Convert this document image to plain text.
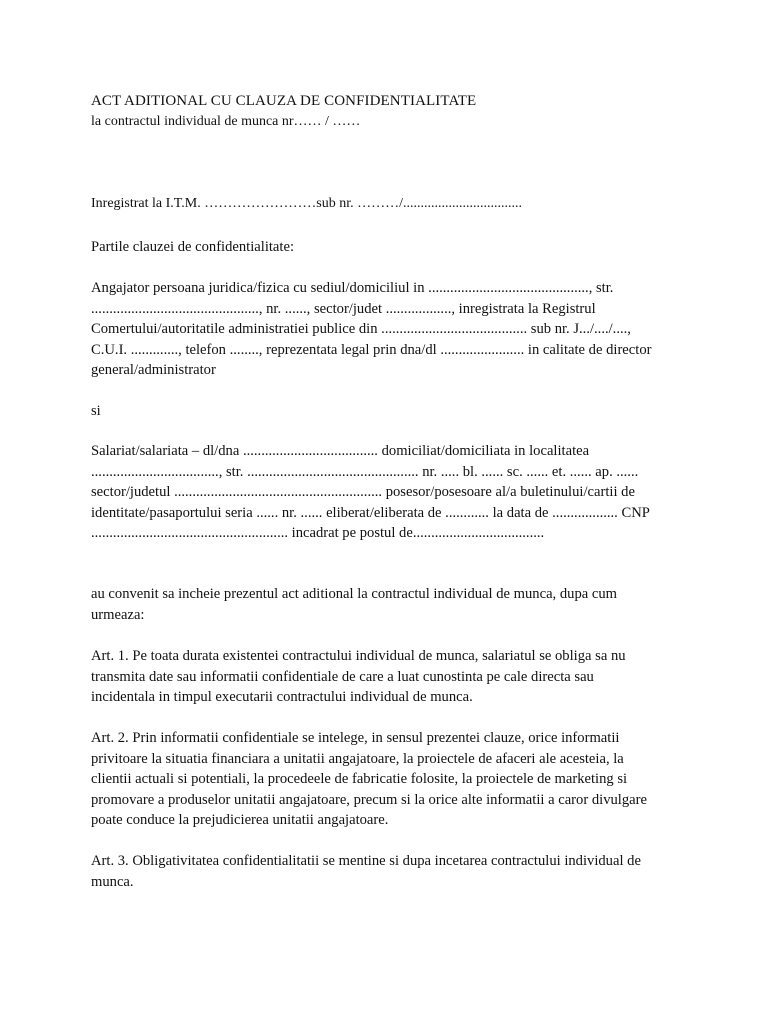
ACT ADITIONAL CU CLAUZA DE CONFIDENTIALITATE
la contractul individual de munca nr…… / ……
Inregistrat la I.T.M. ……………………sub nr. ………/..................................

Partile clauzei de confidentialitate:

Angajator persoana juridica/fizica cu sediul/domiciliul in ............................................, str.
.............................................., nr. ......, sector/judet .................., inregistrata la Registrul
Comertului/autoritatile administratiei publice din ........................................ sub nr. J.../..../....,
C.U.I. ............., telefon ........, reprezentata legal prin dna/dl ....................... in calitate de director
general/administrator

si

Salariat/salariata – dl/dna ..................................... domiciliat/domiciliata in localitatea
..................................., str. ............................................... nr. ..... bl. ...... sc. ...... et. ...... ap. ......
sector/judetul ......................................................... posesor/posesoare al/a buletinului/cartii de
identitate/pasaportului seria ...... nr. ...... eliberat/eliberata de ............ la data de .................. CNP
...................................................... incadrat pe postul de....................................

au convenit sa incheie prezentul act aditional la contractul individual de munca, dupa cum
urmeaza:

Art. 1. Pe toata durata existentei contractului individual de munca, salariatul se obliga sa nu
transmita date sau informatii confidentiale de care a luat cunostinta pe cale directa sau
incidentala in timpul executarii contractului individual de munca.

Art. 2. Prin informatii confidentiale se intelege, in sensul prezentei clauze, orice informatii
privitoare la situatia financiara a unitatii angajatoare, la proiectele de afaceri ale acesteia, la
clientii actuali si potentiali, la procedeele de fabricatie folosite, la proiectele de marketing si
promovare a produselor unitatii angajatoare, precum si la orice alte informatii a caror divulgare
poate conduce la prejudicierea unitatii angajatoare.

Art. 3. Obligativitatea confidentialitatii se mentine si dupa incetarea contractului individual de
munca.
